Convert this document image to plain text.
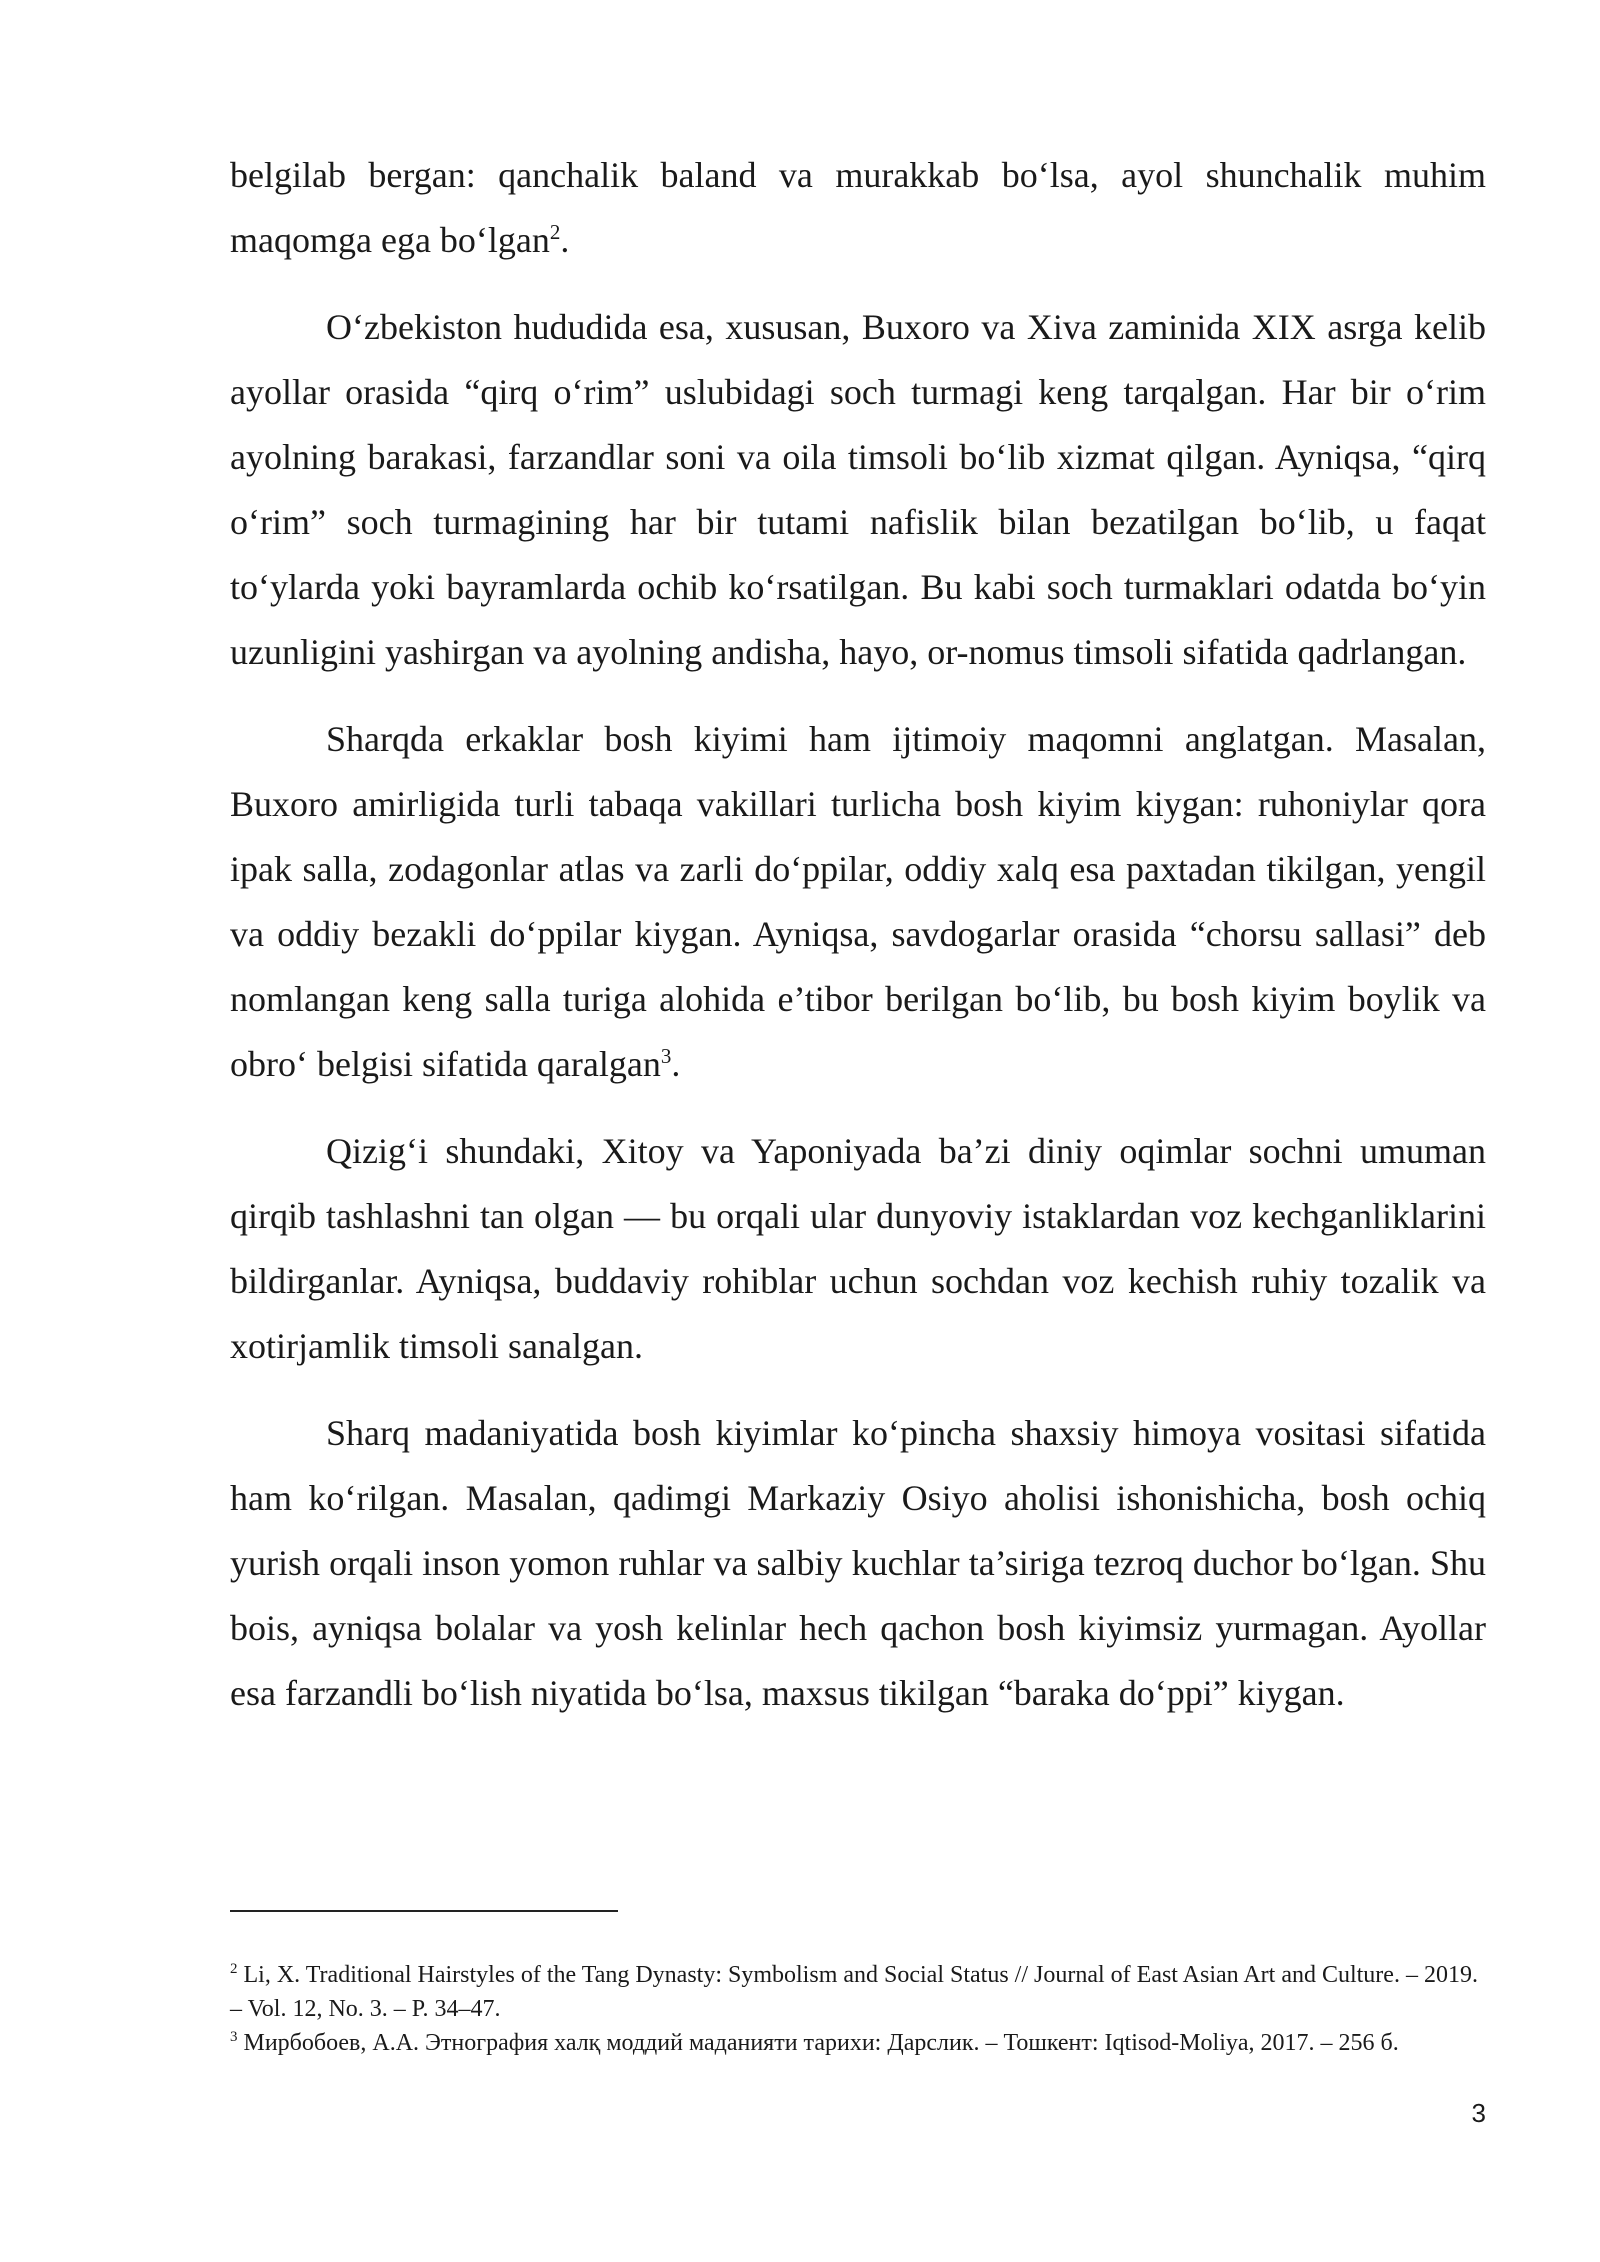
belgilab bergan: qanchalik baland va murakkab bo‘lsa, ayol shunchalik muhim maqomga ega bo‘lgan$^2$.

O‘zbekiston hududida esa, xususan, Buxoro va Xiva zaminida XIX asrga kelib ayollar orasida “qirq o‘rim” uslubidagi soch turmagi keng tarqalgan. Har bir o‘rim ayolning barakasi, farzandlar soni va oila timsoli bo‘lib xizmat qilgan. Ayniqsa, “qirq o‘rim” soch turmagining har bir tutami nafislik bilan bezatilgan bo‘lib, u faqat to‘ylarda yoki bayramlarda ochib ko‘rsatilgan. Bu kabi soch turmaklari odatda bo‘yin uzunligini yashirgan va ayolning andisha, hayo, or-nomus timsoli sifatida qadrlangan.

Sharqda erkaklar bosh kiyimi ham ijtimoiy maqomni anglatgan. Masalan, Buxoro amirligida turli tabaqa vakillari turlicha bosh kiyim kiygan: ruhoniylar qora ipak salla, zodagonlar atlas va zarli do‘ppilar, oddiy xalq esa paxtadan tikilgan, yengil va oddiy bezakli do‘ppilar kiygan. Ayniqsa, savdogarlar orasida “chorsu sallasi” deb nomlangan keng salla turiga alohida e’tibor berilgan bo‘lib, bu bosh kiyim boylik va obro‘ belgisi sifatida qaralgan$^3$.

Qizig‘i shundaki, Xitoy va Yaponiyada ba’zi diniy oqimlar sochni umuman qirqib tashlashni tan olgan — bu orqali ular dunyoviy istaklardan voz kechganliklarini bildirganlar. Ayniqsa, buddaviy rohiblar uchun sochdan voz kechish ruhiy tozalik va xotirjamlik timsoli sanalgan.

Sharq madaniyatida bosh kiyimlar ko‘pincha shaxsiy himoya vositasi sifatida ham ko‘rilgan. Masalan, qadimgi Markaziy Osiyo aholisi ishonishicha, bosh ochiq yurish orqali inson yomon ruhlar va salbiy kuchlar ta’siriga tezroq duchor bo‘lgan. Shu bois, ayniqsa bolalar va yosh kelinlar hech qachon bosh kiyimsiz yurmagan. Ayollar esa farzandli bo‘lish niyatida bo‘lsa, maxsus tikilgan “baraka do‘ppi” kiygan.

$^2$ Li, X. Traditional Hairstyles of the Tang Dynasty: Symbolism and Social Status // Journal of East Asian Art and Culture. – 2019. – Vol. 12, No. 3. – P. 34–47.

$^3$ Мирбобоев, А.А. Этнография халқ моддий маданияти тарихи: Дарслик. – Тошкент: Iqtisod-Moliya, 2017. – 256 б.

3
